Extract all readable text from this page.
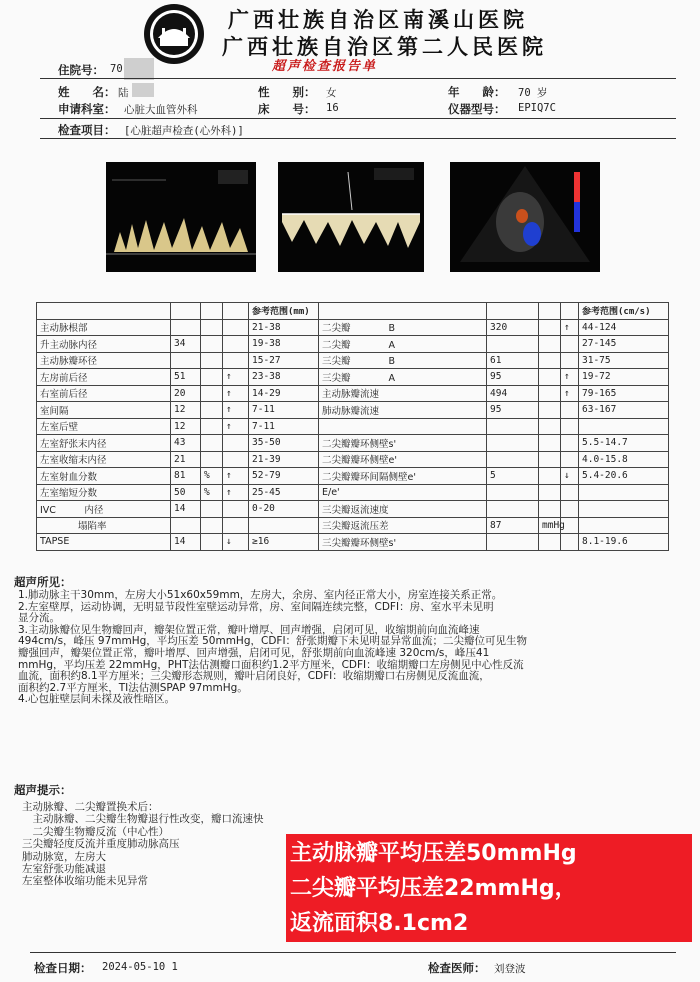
广西壮族自治区南溪山医院
广西壮族自治区第二人民医院
超声检查报告单
住院号： 70
姓　　名： 陆	性　　别： 女	年　　龄： 70 岁
申请科室： 心脏大血管外科	床　　号： 16	仪器型号： EPIQ7C
检查项目： [心脏超声检查(心外科)]
				参考范围(mm)					参考范围(cm/s)
主动脉根部				21-38	二尖瓣　　　　B	320		↑	44-124
升主动脉内径	34			19-38	二尖瓣　　　　A				27-145
主动脉瓣环径				15-27	三尖瓣　　　　B	61			31-75
左房前后径	51		↑	23-38	三尖瓣　　　　A	95		↑	19-72
右室前后径	20		↑	14-29	主动脉瓣流速	494		↑	79-165
室间隔	12		↑	7-11	肺动脉瓣流速	95			63-167
左室后壁	12		↑	7-11					
左室舒张末内径	43			35-50	二尖瓣瓣环侧壁s'				5.5-14.7
左室收缩末内径	21			21-39	二尖瓣瓣环侧壁e'				4.0-15.8
左室射血分数	81	%	↑	52-79	二尖瓣瓣环间隔侧壁e'	5		↓	5.4-20.6
左室缩短分数	50	%	↑	25-45	E/e'				
IVC　　　内径	14			0-20	三尖瓣返流速度				
　　　　塌陷率					三尖瓣返流压差	87	mmHg		
TAPSE	14		↓	≥16	三尖瓣瓣环侧壁s'				8.1-19.6
超声所见：
1.肺动脉主干30mm，左房大小51x60x59mm，左房大，余房、室内径正常大小，房室连接关系正常。
2.左室壁厚，运动协调，无明显节段性室壁运动异常，房、室间隔连续完整，CDFI：房、室水平未见明
显分流。
3.主动脉瓣位见生物瓣回声，瓣架位置正常，瓣叶增厚、回声增强，启闭可见，收缩期前向血流峰速
494cm/s，峰压 97mmHg，平均压差 50mmHg，CDFI：舒张期瓣下未见明显异常血流；二尖瓣位可见生物
瓣强回声，瓣架位置正常，瓣叶增厚、回声增强，启闭可见，舒张期前向血流峰速 320cm/s，峰压41
mmHg，平均压差 22mmHg，PHT法估测瓣口面积约1.2平方厘米，CDFI：收缩期瓣口左房侧见中心性反流
血流，面积约8.1平方厘米；三尖瓣形态规则，瓣叶启闭良好，CDFI：收缩期瓣口右房侧见反流血流，
面积约2.7平方厘米，TI法估测SPAP 97mmHg。
4.心包脏壁层间未探及液性暗区。
超声提示：
主动脉瓣、二尖瓣置换术后：
　主动脉瓣、二尖瓣生物瓣退行性改变，瓣口流速快
　二尖瓣生物瓣反流（中心性）
三尖瓣轻度反流并重度肺动脉高压
肺动脉宽，左房大
左室舒张功能减退
左室整体收缩功能未见异常
主动脉瓣平均压差50mmHg
二尖瓣平均压差22mmHg，
返流面积8.1cm2
检查日期： 2024-05-10 1	检查医师： 刘登波
